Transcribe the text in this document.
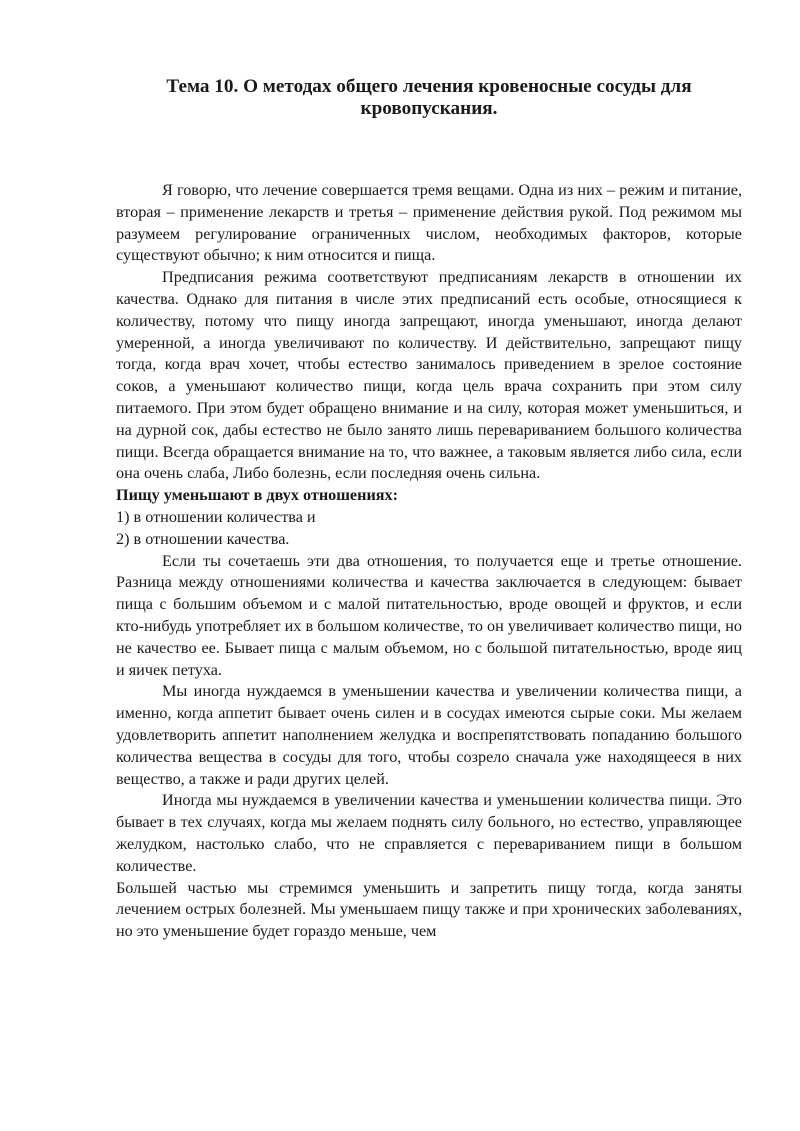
Тема 10. О методах общего лечения кровеносные сосуды для кровопускания.

Я говорю, что лечение совершается тремя вещами. Одна из них – режим и питание, вторая – применение лекарств и третья – применение действия рукой. Под режимом мы разумеем регулирование ограниченных числом, необходимых факторов, которые существуют обычно; к ним относится и пища.

Предписания режима соответствуют предписаниям лекарств в отношении их качества. Однако для питания в числе этих предписаний есть особые, относящиеся к количеству, потому что пищу иногда запрещают, иногда уменьшают, иногда делают умеренной, а иногда увеличивают по количеству. И действительно, запрещают пищу тогда, когда врач хочет, чтобы естество занималось приведением в зрелое состояние соков, а уменьшают количество пищи, когда цель врача сохранить при этом силу питаемого. При этом будет обращено внимание и на силу, которая может уменьшиться, и на дурной сок, дабы естество не было занято лишь перевариванием большого количества пищи. Всегда обращается внимание на то, что важнее, а таковым является либо сила, если она очень слаба, Либо болезнь, если последняя очень сильна.

Пищу уменьшают в двух отношениях:

1) в отношении количества и

2) в отношении качества.

Если ты сочетаешь эти два отношения, то получается еще и третье отношение. Разница между отношениями количества и качества заключается в следующем: бывает пища с большим объемом и с малой питательностью, вроде овощей и фруктов, и если кто-нибудь употребляет их в большом количестве, то он увеличивает количество пищи, но не качество ее. Бывает пища с малым объемом, но с большой питательностью, вроде яиц и яичек петуха.

Мы иногда нуждаемся в уменьшении качества и увеличении количества пищи, а именно, когда аппетит бывает очень силен и в сосудах имеются сырые соки. Мы желаем удовлетворить аппетит наполнением желудка и воспрепятствовать попаданию большого количества вещества в сосуды для того, чтобы созрело сначала уже находящееся в них вещество, а также и ради других целей.

Иногда мы нуждаемся в увеличении качества и уменьшении количества пищи. Это бывает в тех случаях, когда мы желаем поднять силу больного, но естество, управляющее желудком, настолько слабо, что не справляется с перевариванием пищи в большом количестве.

Большей частью мы стремимся уменьшить и запретить пищу тогда, когда заняты лечением острых болезней. Мы уменьшаем пищу также и при хронических заболеваниях, но это уменьшение будет гораздо меньше, чем
